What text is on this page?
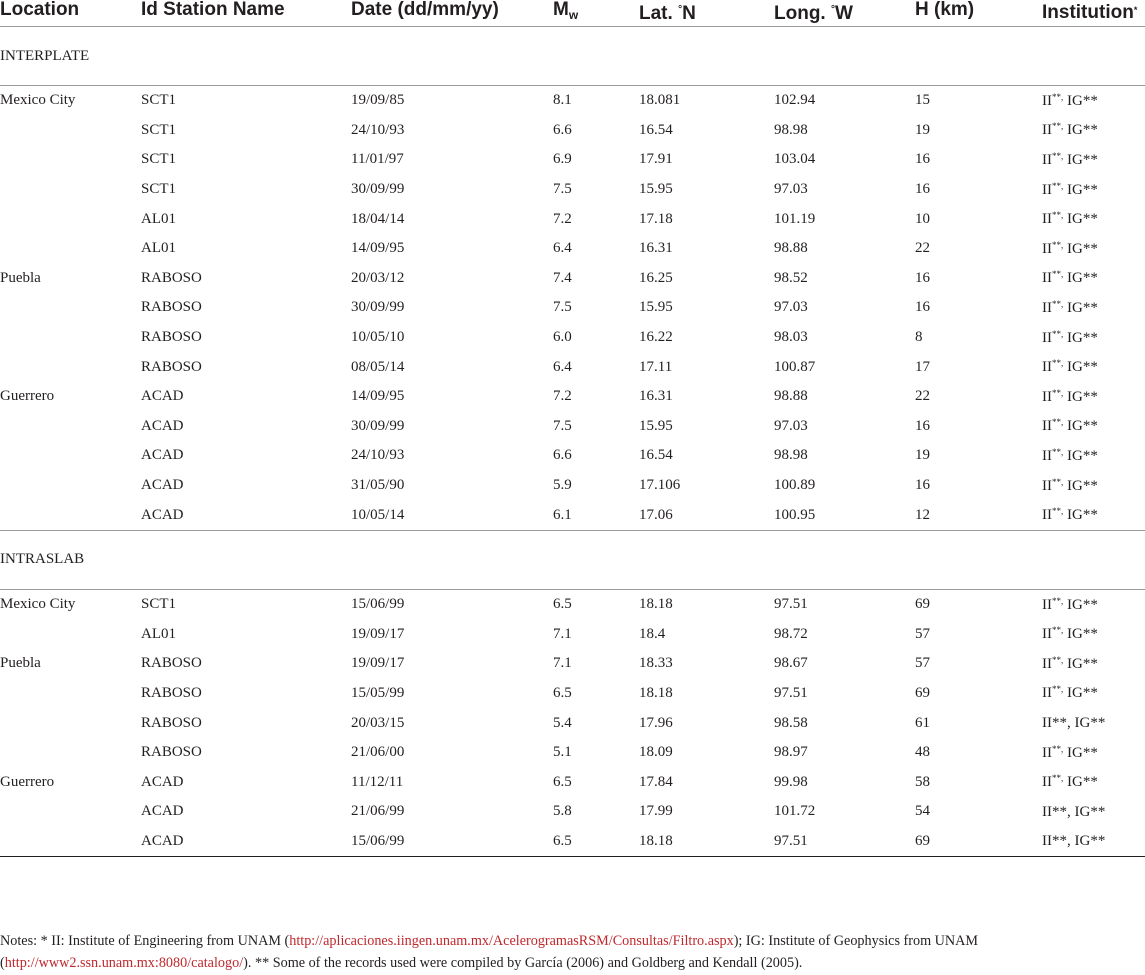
Location	Id Station Name	Date (dd/mm/yy)	$M_w$	Lat. °N	Long. °W	H (km)	Institution*
INTERPLATE							
Mexico City	SCT1	19/09/85	8.1	18.081	102.94	15	II**, IG**
	SCT1	24/10/93	6.6	16.54	98.98	19	II**, IG**
	SCT1	11/01/97	6.9	17.91	103.04	16	II**, IG**
	SCT1	30/09/99	7.5	15.95	97.03	16	II**, IG**
	AL01	18/04/14	7.2	17.18	101.19	10	II**, IG**
	AL01	14/09/95	6.4	16.31	98.88	22	II**, IG**
Puebla	RABOSO	20/03/12	7.4	16.25	98.52	16	II**, IG**
	RABOSO	30/09/99	7.5	15.95	97.03	16	II**, IG**
	RABOSO	10/05/10	6.0	16.22	98.03	8	II**, IG**
	RABOSO	08/05/14	6.4	17.11	100.87	17	II**, IG**
Guerrero	ACAD	14/09/95	7.2	16.31	98.88	22	II**, IG**
	ACAD	30/09/99	7.5	15.95	97.03	16	II**, IG**
	ACAD	24/10/93	6.6	16.54	98.98	19	II**, IG**
	ACAD	31/05/90	5.9	17.106	100.89	16	II**, IG**
	ACAD	10/05/14	6.1	17.06	100.95	12	II**, IG**
INTRASLAB							
Mexico City	SCT1	15/06/99	6.5	18.18	97.51	69	II**, IG**
	AL01	19/09/17	7.1	18.4	98.72	57	II**, IG**
Puebla	RABOSO	19/09/17	7.1	18.33	98.67	57	II**, IG**
	RABOSO	15/05/99	6.5	18.18	97.51	69	II**, IG**
	RABOSO	20/03/15	5.4	17.96	98.58	61	II**, IG**
	RABOSO	21/06/00	5.1	18.09	98.97	48	II**, IG**
Guerrero	ACAD	11/12/11	6.5	17.84	99.98	58	II**, IG**
	ACAD	21/06/99	5.8	17.99	101.72	54	II**, IG**
	ACAD	15/06/99	6.5	18.18	97.51	69	II**, IG**
Notes: * II: Institute of Engineering from UNAM (http://aplicaciones.iingen.unam.mx/AcelerogramasRSM/Consultas/Filtro.aspx); IG: Institute of Geophysics from UNAM (http://www2.ssn.unam.mx:8080/catalogo/). ** Some of the records used were compiled by García (2006) and Goldberg and Kendall (2005).
